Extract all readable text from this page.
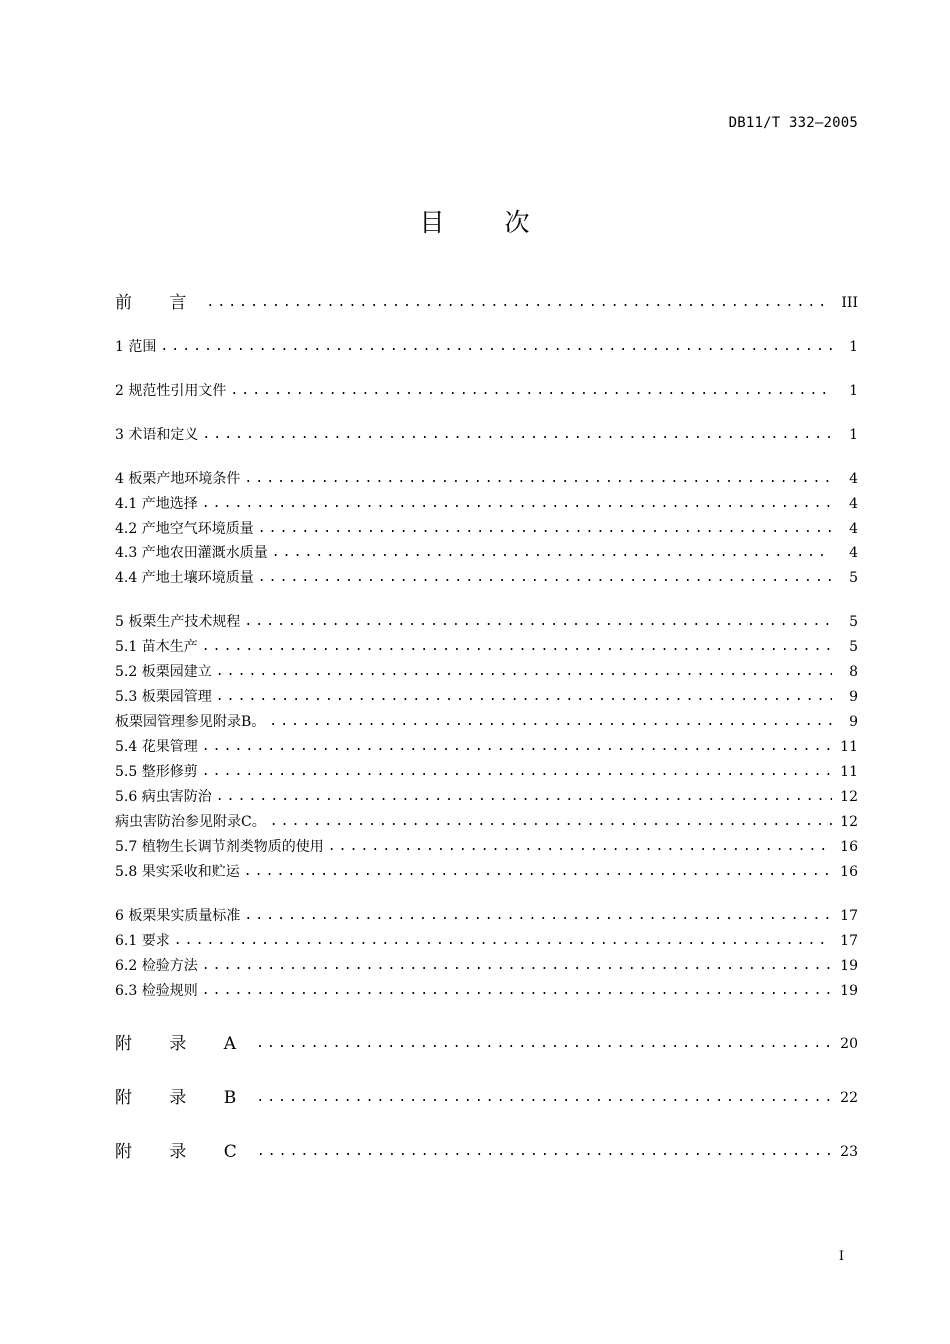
DB11/T 332—2005
目 次
前 言 .....	III
1 范围 .....	1
2 规范性引用文件 .....	1
3 术语和定义 .....	1
4 板栗产地环境条件 .....	4
4.1 产地选择 .....	4
4.2 产地空气环境质量 .....	4
4.3 产地农田灌溉水质量 .....	4
4.4 产地土壤环境质量 .....	5
5 板栗生产技术规程 .....	5
5.1 苗木生产 .....	5
5.2 板栗园建立 .....	8
5.3 板栗园管理 .....	9
板栗园管理参见附录B。 .....	9
5.4 花果管理 .....	11
5.5 整形修剪 .....	11
5.6 病虫害防治 .....	12
病虫害防治参见附录C。 .....	12
5.7 植物生长调节剂类物质的使用 .....	16
5.8 果实采收和贮运 .....	16
6 板栗果实质量标准 .....	17
6.1 要求 .....	17
6.2 检验方法 .....	19
6.3 检验规则 .....	19
附 录 A .....	20
附 录 B .....	22
附 录 C .....	23
I
